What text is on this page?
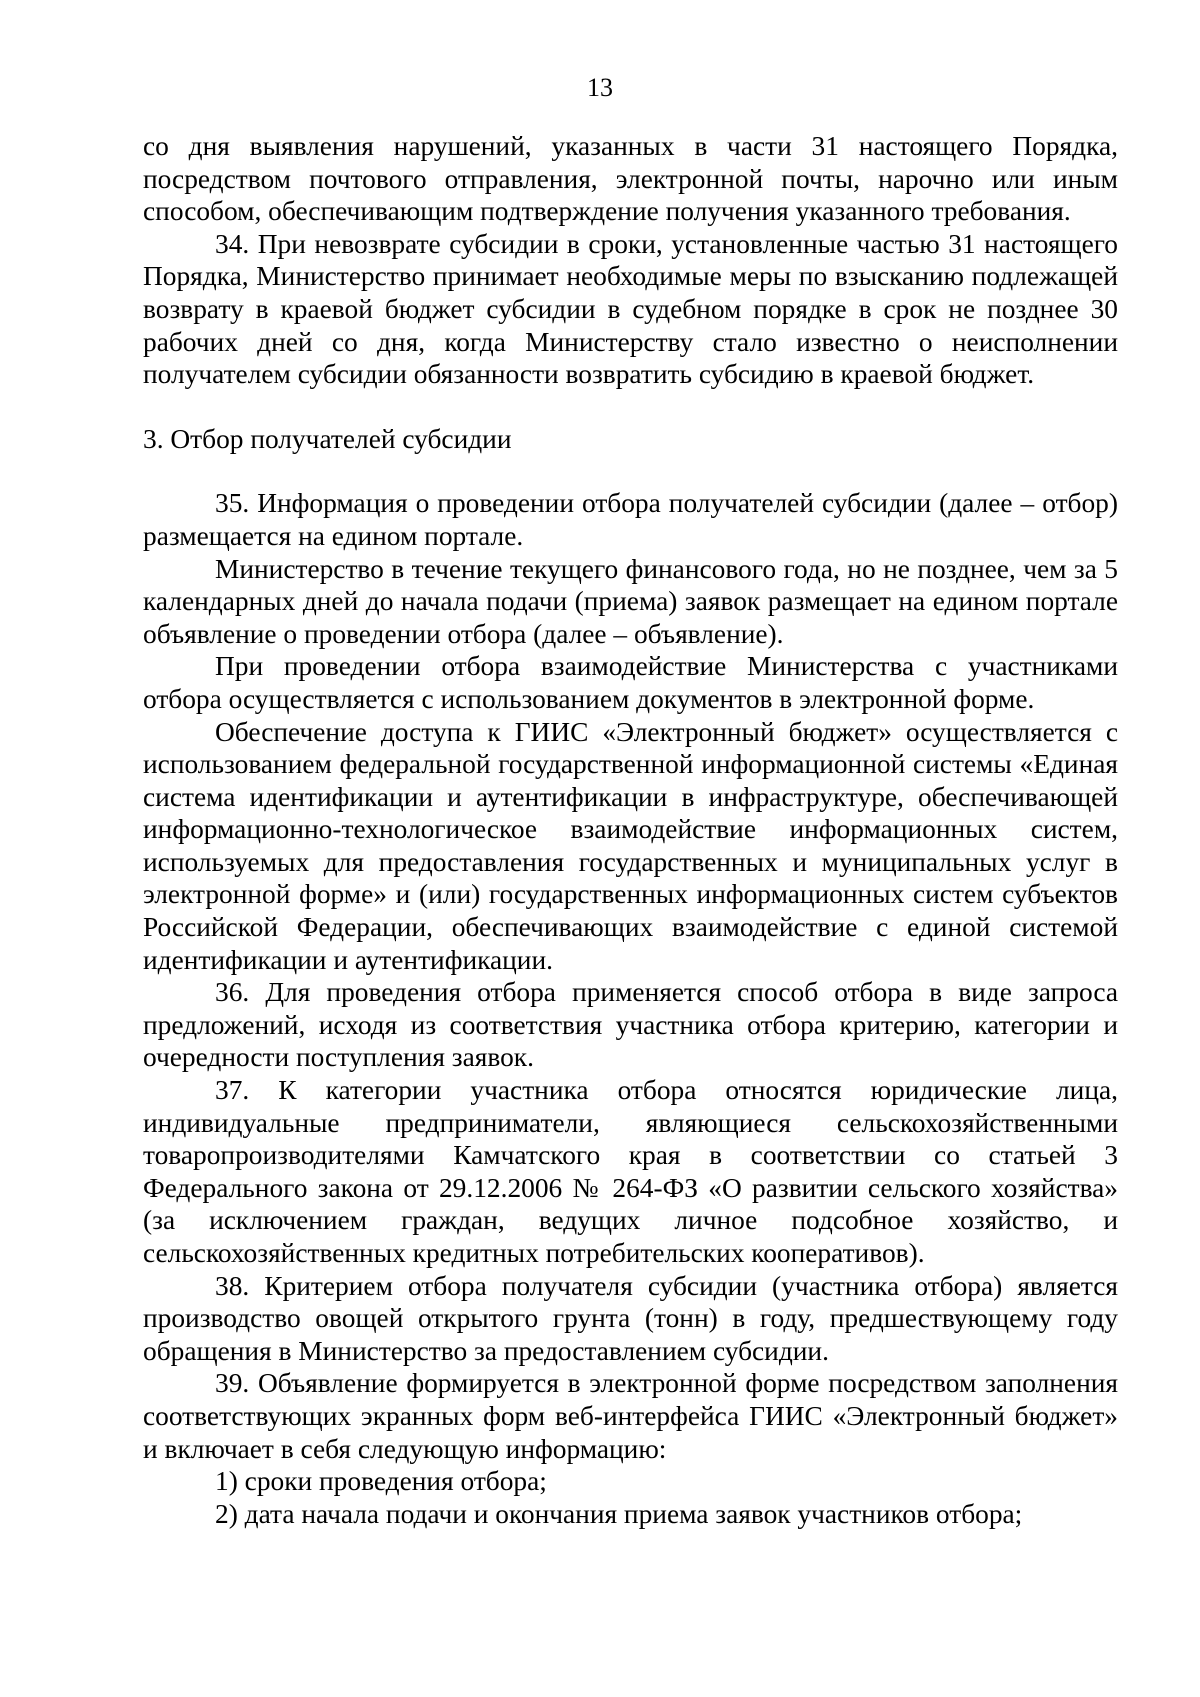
13

со дня выявления нарушений, указанных в части 31 настоящего Порядка, посредством почтового отправления, электронной почты, нарочно или иным способом, обеспечивающим подтверждение получения указанного требования.

34. При невозврате субсидии в сроки, установленные частью 31 настоящего Порядка, Министерство принимает необходимые меры по взысканию подлежащей возврату в краевой бюджет субсидии в судебном порядке в срок не позднее 30 рабочих дней со дня, когда Министерству стало известно о неисполнении получателем субсидии обязанности возвратить субсидию в краевой бюджет.

3. Отбор получателей субсидии

35. Информация о проведении отбора получателей субсидии (далее – отбор) размещается на едином портале.

Министерство в течение текущего финансового года, но не позднее, чем за 5 календарных дней до начала подачи (приема) заявок размещает на едином портале объявление о проведении отбора (далее – объявление).

При проведении отбора взаимодействие Министерства с участниками отбора осуществляется с использованием документов в электронной форме.

Обеспечение доступа к ГИИС «Электронный бюджет» осуществляется с использованием федеральной государственной информационной системы «Единая система идентификации и аутентификации в инфраструктуре, обеспечивающей информационно-технологическое взаимодействие информационных систем, используемых для предоставления государственных и муниципальных услуг в электронной форме» и (или) государственных информационных систем субъектов Российской Федерации, обеспечивающих взаимодействие с единой системой идентификации и аутентификации.

36. Для проведения отбора применяется способ отбора в виде запроса предложений, исходя из соответствия участника отбора критерию, категории и очередности поступления заявок.

37. К категории участника отбора относятся юридические лица, индивидуальные предприниматели, являющиеся сельскохозяйственными товаропроизводителями Камчатского края в соответствии со статьей 3 Федерального закона от 29.12.2006 № 264-ФЗ «О развитии сельского хозяйства» (за исключением граждан, ведущих личное подсобное хозяйство, и сельскохозяйственных кредитных потребительских кооперативов).

38. Критерием отбора получателя субсидии (участника отбора) является производство овощей открытого грунта (тонн) в году, предшествующему году обращения в Министерство за предоставлением субсидии.

39. Объявление формируется в электронной форме посредством заполнения соответствующих экранных форм веб-интерфейса ГИИС «Электронный бюджет» и включает в себя следующую информацию:

1) сроки проведения отбора;

2) дата начала подачи и окончания приема заявок участников отбора;
